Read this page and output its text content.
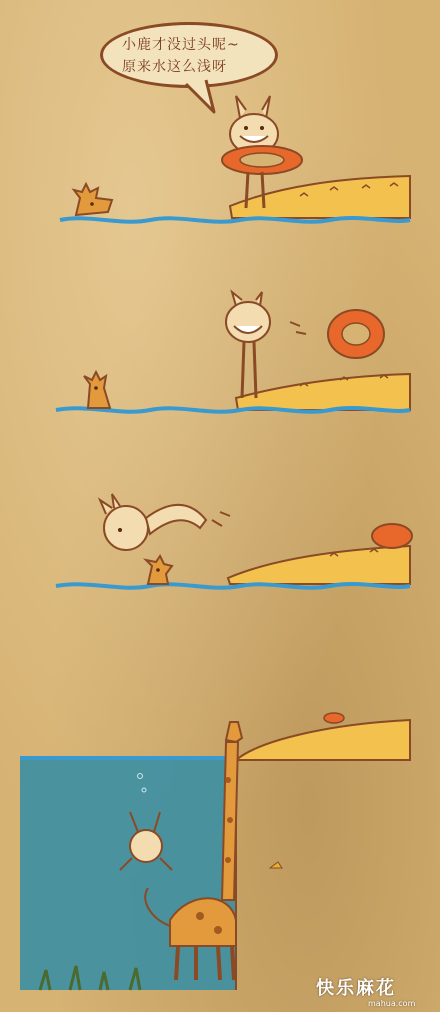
小鹿才没过头呢~
原来水这么浅呀
快乐麻花
mahua.com
